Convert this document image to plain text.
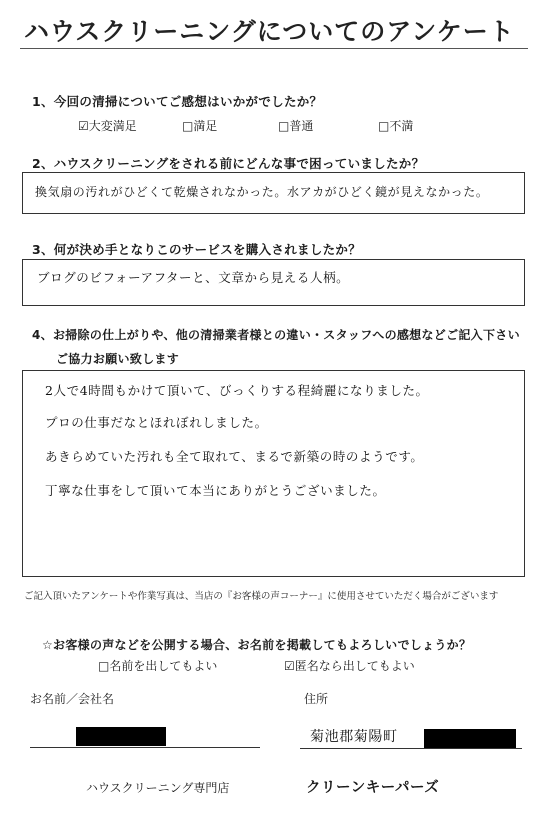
ハウスクリーニングについてのアンケート
1、今回の清掃についてご感想はいかがでしたか？
☑大変満足	□満足	□普通	□不満
2、ハウスクリーニングをされる前にどんな事で困っていましたか？
換気扇の汚れがひどくて乾燥されなかった。水アカがひどく鏡が見えなかった。
3、何が決め手となりこのサービスを購入されましたか？
ブログのビフォーアフターと、文章から見える人柄。
4、お掃除の仕上がりや、他の清掃業者様との違い・スタッフへの感想などご記入下さい
ご協力お願い致します
2人で4時間もかけて頂いて、びっくりする程綺麗になりました。
プロの仕事だなとほれぼれしました。
あきらめていた汚れも全て取れて、まるで新築の時のようです。
丁寧な仕事をして頂いて本当にありがとうございました。
ご記入頂いたアンケートや作業写真は、当店の『お客様の声コーナー』に使用させていただく場合がございます
☆お客様の声などを公開する場合、お名前を掲載してもよろしいでしょうか？
□名前を出してもよい	☑匿名なら出してもよい
お名前／会社名	住所
菊池郡菊陽町
ハウスクリーニング専門店	クリーンキーパーズ
